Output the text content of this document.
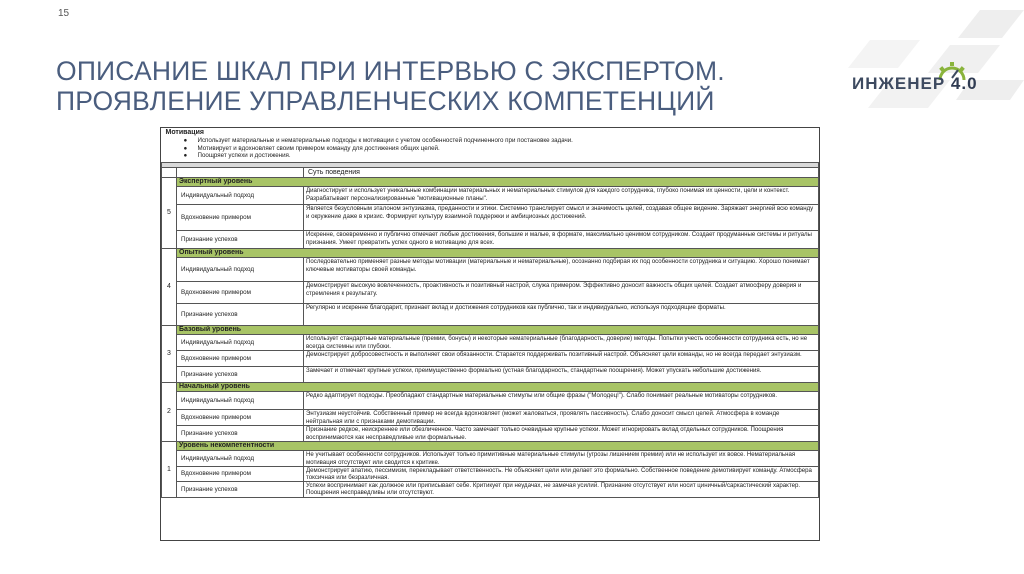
15
ОПИСАНИЕ ШКАЛ ПРИ ИНТЕРВЬЮ С ЭКСПЕРТОМ.
ПРОЯВЛЕНИЕ УПРАВЛЕНЧЕСКИХ КОМПЕТЕНЦИЙ
ИНЖЕНЕР 4.0
Мотивация
● Использует материальные и нематериальные подходы к мотивации с учетом особенностей подчиненного при постановке задачи.
● Мотивирует и вдохновляет своим примером команду для достижения общих целей.
● Поощряет успехи и достижения.		

		Суть поведения
5	Экспертный уровень	
	Индивидуальный подход	Диагностирует и использует уникальные комбинации материальных и нематериальных стимулов для каждого сотрудника, глубоко понимая их ценности, цели и контекст. Разрабатывает персонализированные "мотивационные планы".
	Вдохновение примером	Является безусловным эталоном энтузиазма, преданности и этики. Системно транслирует смысл и значимость целей, создавая общее видение. Заряжает энергией всю команду и окружение даже в кризис. Формирует культуру взаимной поддержки и амбициозных достижений.
	Признание успехов	Искренне, своевременно и публично отмечает любые достижения, большие и малые, в формате, максимально ценимом сотрудником. Создает продуманные системы и ритуалы признания. Умеет превратить успех одного в мотивацию для всех.
4	Опытный уровень	
	Индивидуальный подход	Последовательно применяет разные методы мотивации (материальные и нематериальные), осознанно подбирая их под особенности сотрудника и ситуацию. Хорошо понимает ключевые мотиваторы своей команды.
	Вдохновение примером	Демонстрирует высокую вовлеченность, проактивность и позитивный настрой, служа примером. Эффективно доносит важность общих целей. Создает атмосферу доверия и стремления к результату.
	Признание успехов	Регулярно и искренне благодарит, признает вклад и достижения сотрудников как публично, так и индивидуально, используя подходящие форматы.
3	Базовый уровень	
	Индивидуальный подход	Использует стандартные материальные (премии, бонусы) и некоторые нематериальные (благодарность, доверие) методы. Попытки учесть особенности сотрудника есть, но не всегда системны или глубоки.
	Вдохновение примером	Демонстрирует добросовестность и выполняет свои обязанности. Старается поддерживать позитивный настрой. Объясняет цели команды, но не всегда передает энтузиазм.
	Признание успехов	Замечает и отмечает крупные успехи, преимущественно формально (устная благодарность, стандартные поощрения). Может упускать небольшие достижения.
2	Начальный уровень	
	Индивидуальный подход	Редко адаптирует подходы. Преобладают стандартные материальные стимулы или общие фразы ("Молодец!"). Слабо понимает реальные мотиваторы сотрудников.
	Вдохновение примером	Энтузиазм неустойчив. Собственный пример не всегда вдохновляет (может жаловаться, проявлять пассивность). Слабо доносит смысл целей. Атмосфера в команде нейтральная или с признаками демотивации.
	Признание успехов	Признание редкое, неискреннее или обезличенное. Часто замечает только очевидные крупные успехи. Может игнорировать вклад отдельных сотрудников. Поощрения воспринимаются как несправедливые или формальные.
1	Уровень некомпетентности	
	Индивидуальный подход	Не учитывает особенности сотрудников. Использует только примитивные материальные стимулы (угрозы лишением премии) или не использует их вовсе. Нематериальная мотивация отсутствует или сводится к критике.
	Вдохновение примером	Демонстрирует апатию, пессимизм, перекладывает ответственность. Не объясняет цели или делает это формально. Собственное поведение демотивирует команду. Атмосфера токсичная или безразличная.
	Признание успехов	Успехи воспринимает как должное или приписывает себе. Критикует при неудачах, не замечая усилий. Признание отсутствует или носит циничный/саркастический характер. Поощрения несправедливы или отсутствуют.
